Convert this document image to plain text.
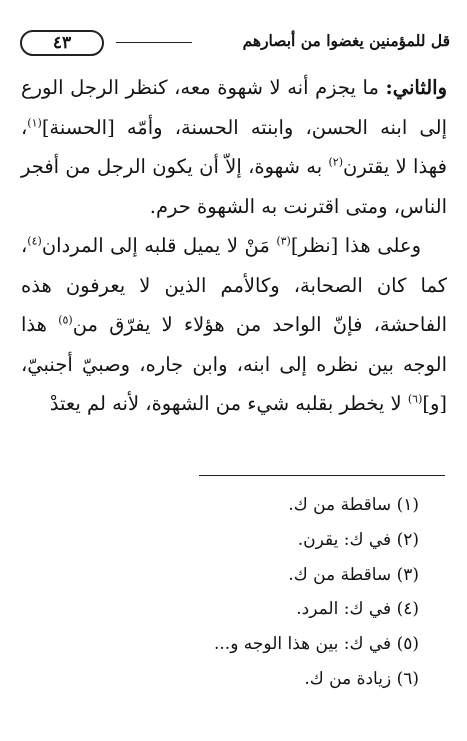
قل للمؤمنين يغضوا من أبصارهم
٤٣

والثاني: ما يجزم أنه لا شهوة معه، كنظر الرجل الورع إلى ابنه الحسن، وابنته الحسنة، وأمّه [الحسنة]$^{(١)}$، فهذا لا يقترن$^{(٢)}$ به شهوة، إلاّ أن يكون الرجل من أفجر الناس، ومتى اقترنت به الشهوة حرم.

وعلى هذا [نظر]$^{(٣)}$ مَنْ لا يميل قلبه إلى المردان$^{(٤)}$، كما كان الصحابة، وكالأمم الذين لا يعرفون هذه الفاحشة، فإنّ الواحد من هؤلاء لا يفرّق من$^{(٥)}$ هذا الوجه بين نظره إلى ابنه، وابن جاره، وصبيّ أجنبيّ، [و]$^{(٦)}$ لا يخطر بقلبه شيء من الشهوة، لأنه لم يعتدْ

(١) ساقطة من ك.
(٢) في ك: يقرن.
(٣) ساقطة من ك.
(٤) في ك: المرد.
(٥) في ك: بين هذا الوجه و...
(٦) زيادة من ك.
